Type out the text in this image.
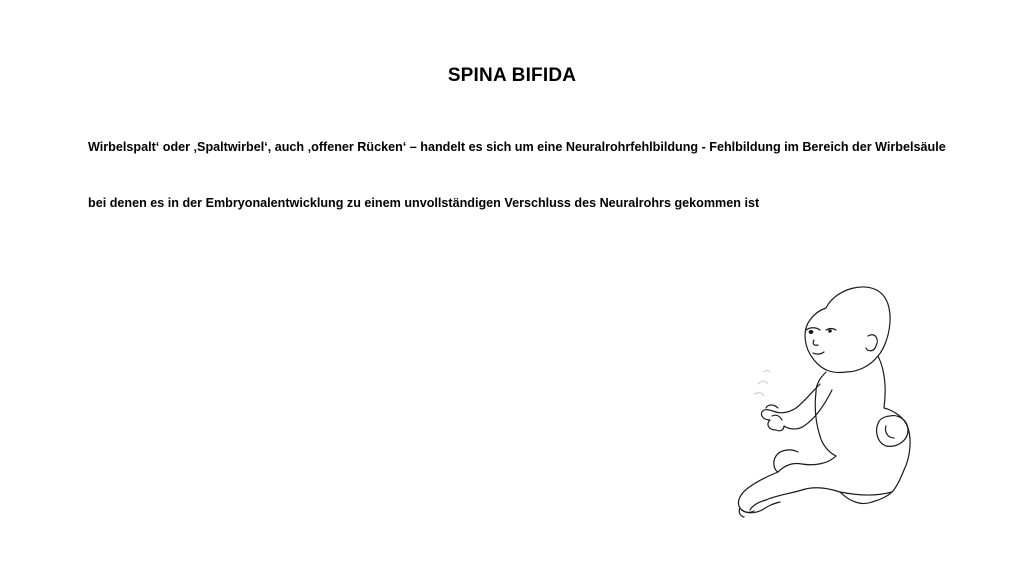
SPINA BIFIDA
Wirbelspalt‘ oder ‚Spaltwirbel‘, auch ‚offener Rücken‘ – handelt es sich um eine Neuralrohrfehlbildung - Fehlbildung im Bereich der Wirbelsäule
bei denen es in der Embryonalentwicklung zu einem unvollständigen Verschluss des Neuralrohrs gekommen ist
